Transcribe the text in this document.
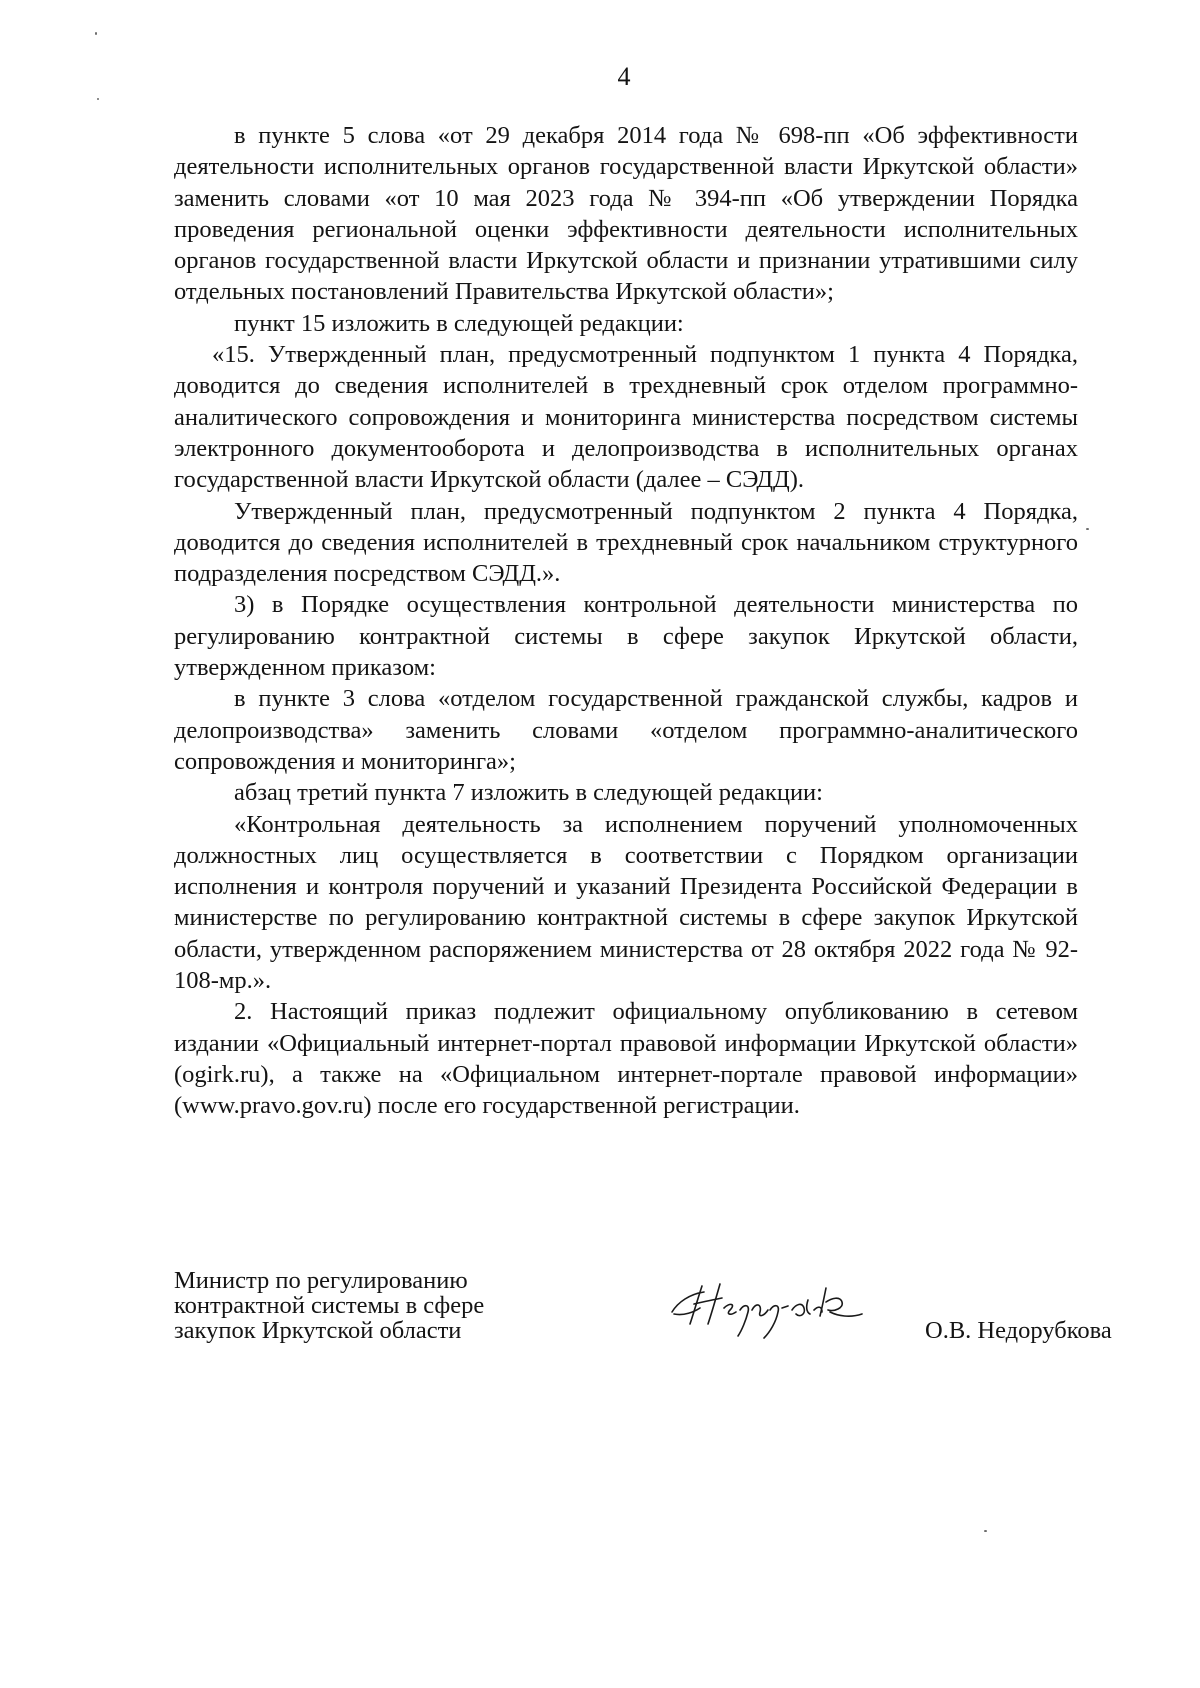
4

в пункте 5 слова «от 29 декабря 2014 года № 698-пп «Об эффективности деятельности исполнительных органов государственной власти Иркутской области» заменить словами «от 10 мая 2023 года № 394-пп «Об утверждении Порядка проведения региональной оценки эффективности деятельности исполнительных органов государственной власти Иркутской области и признании утратившими силу отдельных постановлений Правительства Иркутской области»;

пункт 15 изложить в следующей редакции:

«15. Утвержденный план, предусмотренный подпунктом 1 пункта 4 Порядка, доводится до сведения исполнителей в трехдневный срок отделом программно-аналитического сопровождения и мониторинга министерства посредством системы электронного документооборота и делопроизводства в исполнительных органах государственной власти Иркутской области (далее – СЭДД).

Утвержденный план, предусмотренный подпунктом 2 пункта 4 Порядка, доводится до сведения исполнителей в трехдневный срок начальником структурного подразделения посредством СЭДД.».

3) в Порядке осуществления контрольной деятельности министерства по регулированию контрактной системы в сфере закупок Иркутской области, утвержденном приказом:

в пункте 3 слова «отделом государственной гражданской службы, кадров и делопроизводства» заменить словами «отделом программно-аналитического сопровождения и мониторинга»;

абзац третий пункта 7 изложить в следующей редакции:

«Контрольная деятельность за исполнением поручений уполномоченных должностных лиц осуществляется в соответствии с Порядком организации исполнения и контроля поручений и указаний Президента Российской Федерации в министерстве по регулированию контрактной системы в сфере закупок Иркутской области, утвержденном распоряжением министерства от 28 октября 2022 года № 92-108-мр.».

2. Настоящий приказ подлежит официальному опубликованию в сетевом издании «Официальный интернет-портал правовой информации Иркутской области» (ogirk.ru), а также на «Официальном интернет-портале правовой информации» (www.pravo.gov.ru) после его государственной регистрации.

Министр по регулированию
контрактной системы в сфере
закупок Иркутской области	О.В. Недорубкова
